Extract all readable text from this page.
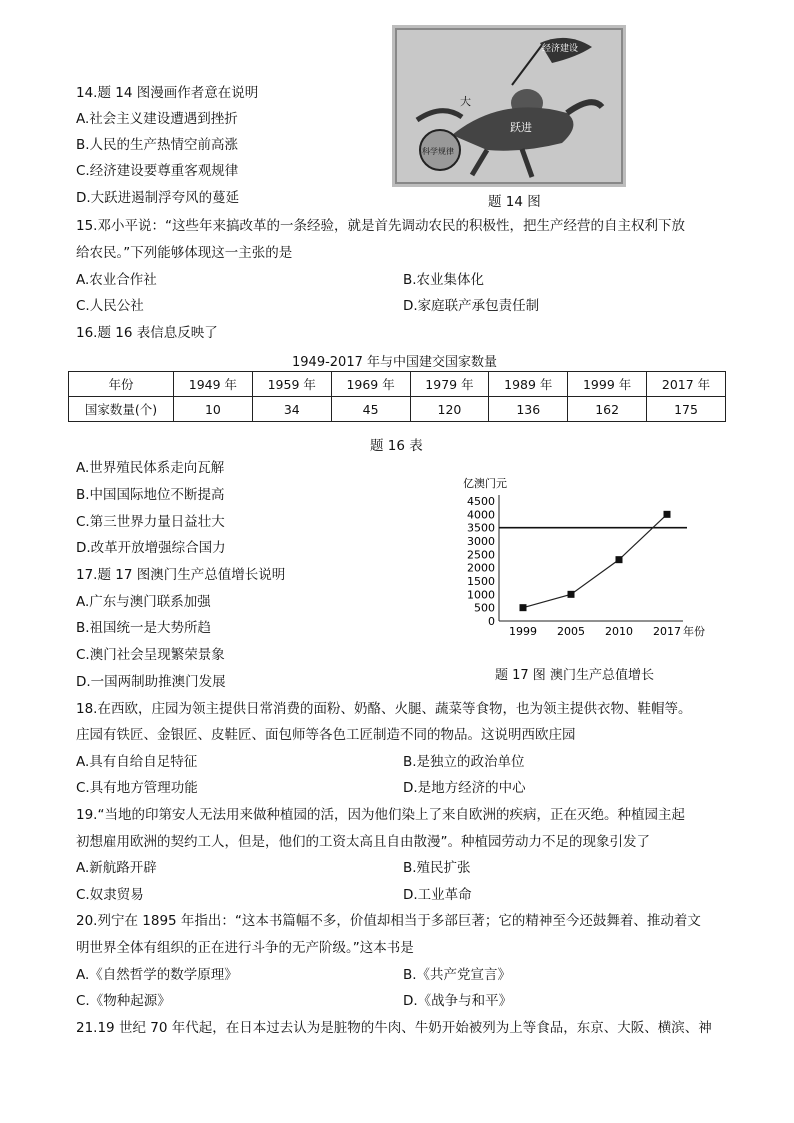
14.题 14 图漫画作者意在说明
A.社会主义建设遭遇到挫折
B.人民的生产热情空前高涨
C.经济建设要尊重客观规律
D.大跃进遏制浮夸风的蔓延
经济建设
大
跃进
科学规律
题 14 图
15.邓小平说：“这些年来搞改革的一条经验，就是首先调动农民的积极性，把生产经营的自主权利下放
给农民。”下列能够体现这一主张的是
A.农业合作社	B.农业集体化
C.人民公社	D.家庭联产承包责任制
16.题 16 表信息反映了
1949-2017 年与中国建交国家数量
年份	1949 年	1959 年	1969 年	1979 年	1989 年	1999 年	2017 年
国家数量(个)	10	34	45	120	136	162	175
题 16 表
A.世界殖民体系走向瓦解
B.中国国际地位不断提高
C.第三世界力量日益壮大
D.改革开放增强综合国力
17.题 17 图澳门生产总值增长说明
A.广东与澳门联系加强
B.祖国统一是大势所趋
C.澳门社会呈现繁荣景象
D.一国两制助推澳门发展
0
500
1000
1500
2000
2500
3000
3500
4000
4500
1999 2005 2010 2017
亿澳门元
年份
题 17 图 澳门生产总值增长
18.在西欧，庄园为领主提供日常消费的面粉、奶酪、火腿、蔬菜等食物，也为领主提供衣物、鞋帽等。
庄园有铁匠、金银匠、皮鞋匠、面包师等各色工匠制造不同的物品。这说明西欧庄园
A.具有自给自足特征	B.是独立的政治单位
C.具有地方管理功能	D.是地方经济的中心
19.“当地的印第安人无法用来做种植园的活，因为他们染上了来自欧洲的疾病，正在灭绝。种植园主起
初想雇用欧洲的契约工人，但是，他们的工资太高且自由散漫”。种植园劳动力不足的现象引发了
A.新航路开辟	B.殖民扩张
C.奴隶贸易	D.工业革命
20.列宁在 1895 年指出：“这本书篇幅不多，价值却相当于多部巨著；它的精神至今还鼓舞着、推动着文
明世界全体有组织的正在进行斗争的无产阶级。”这本书是
A.《自然哲学的数学原理》	B.《共产党宣言》
C.《物种起源》	D.《战争与和平》
21.19 世纪 70 年代起，在日本过去认为是脏物的牛肉、牛奶开始被列为上等食品，东京、大阪、横滨、神
